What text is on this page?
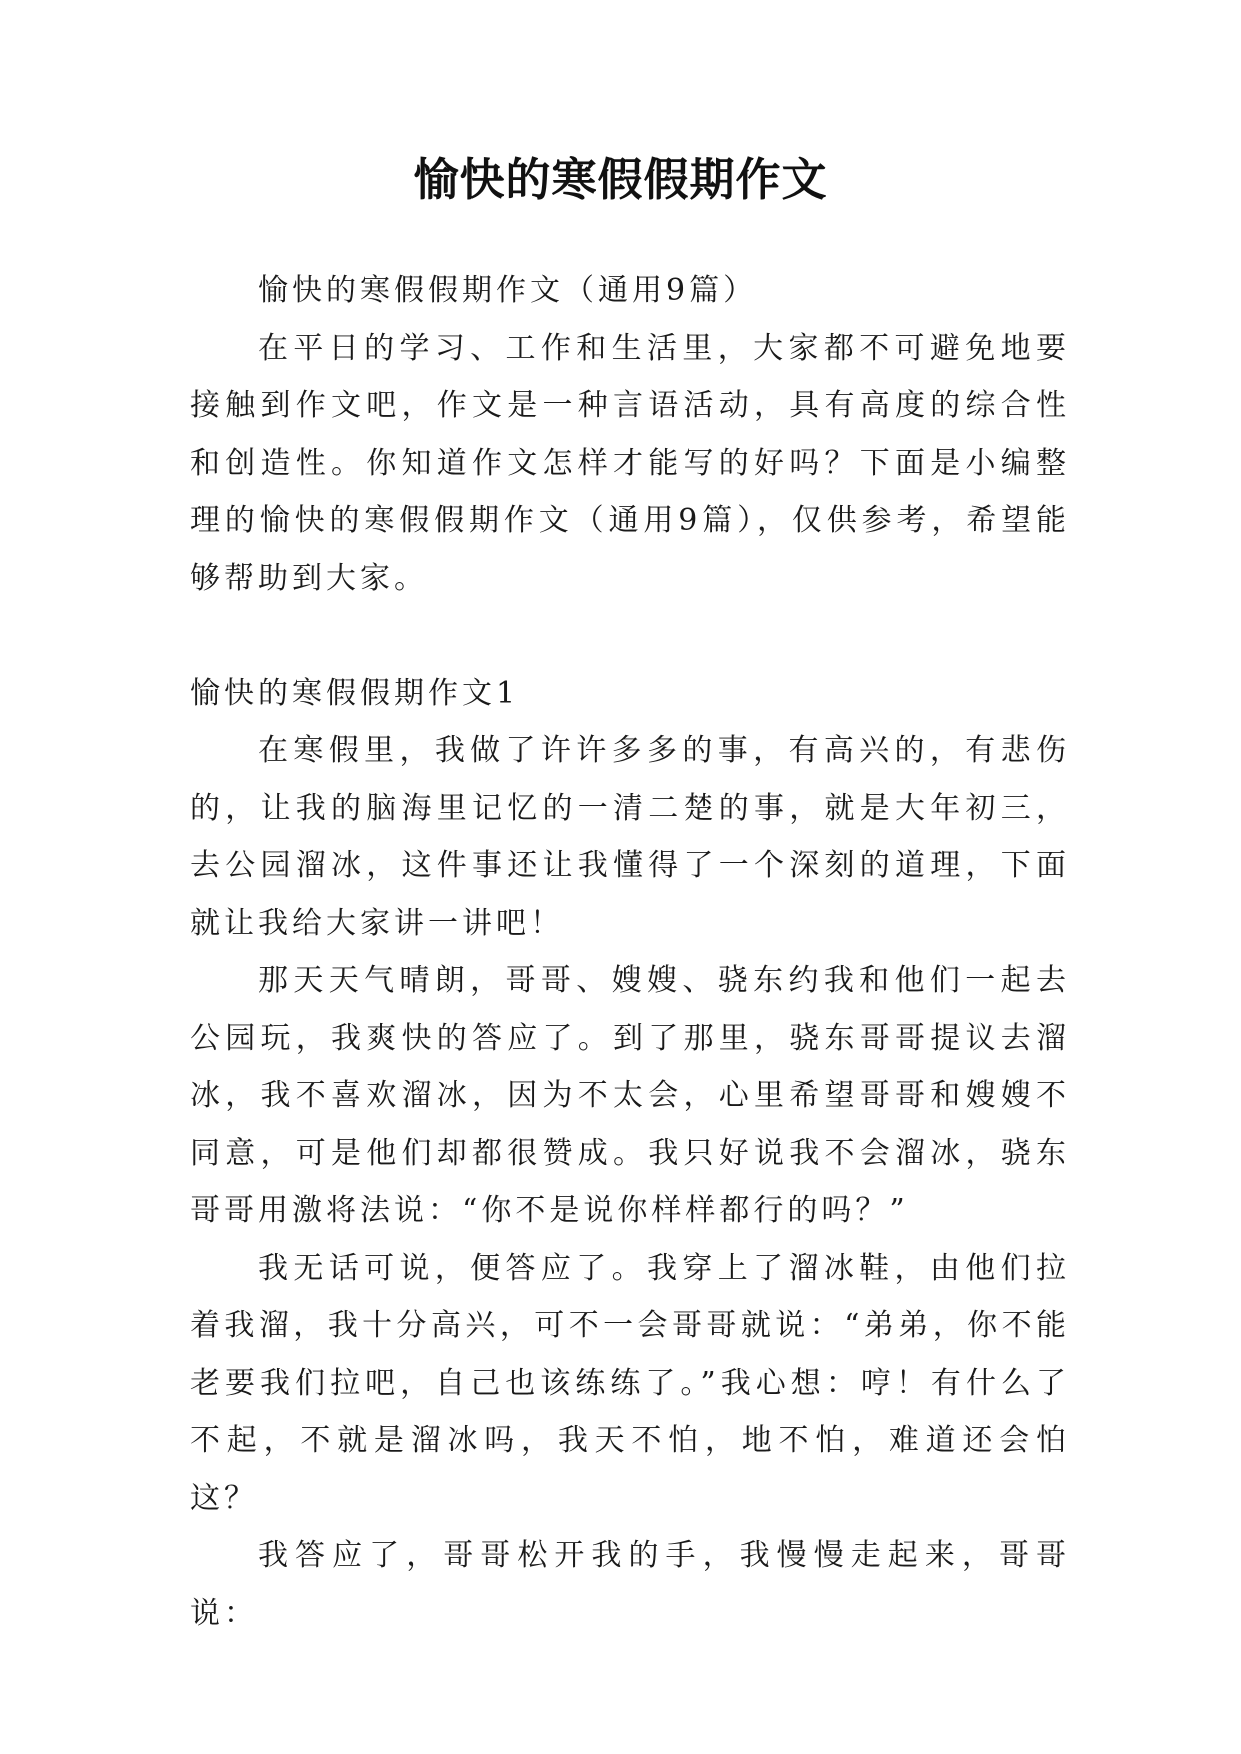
愉快的寒假假期作文

愉快的寒假假期作文（通用9篇）

在平日的学习、工作和生活里，大家都不可避免地要接触到作文吧，作文是一种言语活动，具有高度的综合性和创造性。你知道作文怎样才能写的好吗？下面是小编整理的愉快的寒假假期作文（通用9篇），仅供参考，希望能够帮助到大家。

愉快的寒假假期作文1

在寒假里，我做了许许多多的事，有高兴的，有悲伤的，让我的脑海里记忆的一清二楚的事，就是大年初三，去公园溜冰，这件事还让我懂得了一个深刻的道理，下面就让我给大家讲一讲吧！

那天天气晴朗，哥哥、嫂嫂、骁东约我和他们一起去公园玩，我爽快的答应了。到了那里，骁东哥哥提议去溜冰，我不喜欢溜冰，因为不太会，心里希望哥哥和嫂嫂不同意，可是他们却都很赞成。我只好说我不会溜冰，骁东哥哥用激将法说：“你不是说你样样都行的吗？”

我无话可说，便答应了。我穿上了溜冰鞋，由他们拉着我溜，我十分高兴，可不一会哥哥就说：“弟弟，你不能老要我们拉吧，自己也该练练了。”我心想：哼！有什么了不起，不就是溜冰吗，我天不怕，地不怕，难道还会怕这？

我答应了，哥哥松开我的手，我慢慢走起来，哥哥说：
